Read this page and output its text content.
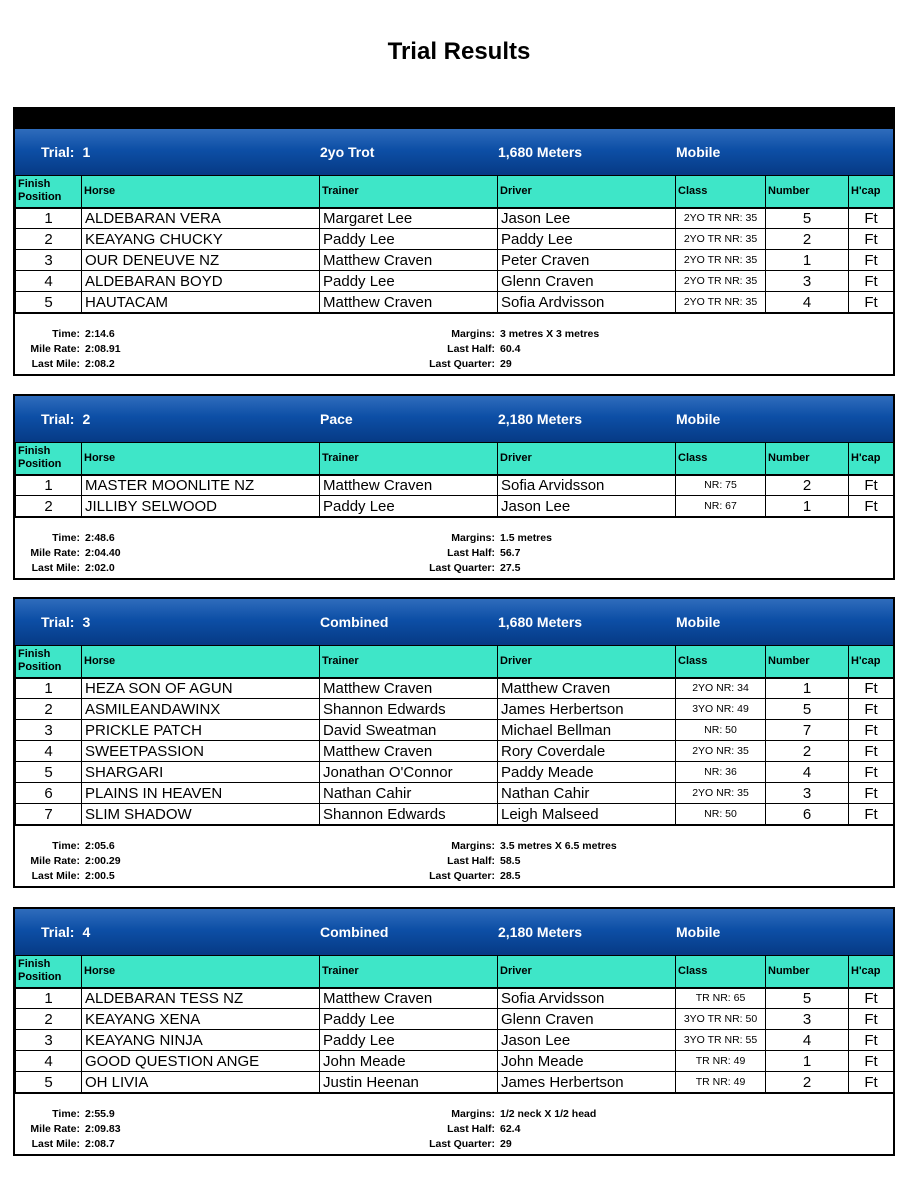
Trial Results
Trial: 1	2yo Trot	1,680 Meters	Mobile
Finish Position	Horse	Trainer	Driver	Class	Number	H'cap
1	ALDEBARAN VERA	Margaret Lee	Jason Lee	2YO TR NR: 35	5	Ft
2	KEAYANG CHUCKY	Paddy Lee	Paddy Lee	2YO TR NR: 35	2	Ft
3	OUR DENEUVE NZ	Matthew Craven	Peter Craven	2YO TR NR: 35	1	Ft
4	ALDEBARAN BOYD	Paddy Lee	Glenn Craven	2YO TR NR: 35	3	Ft
5	HAUTACAM	Matthew Craven	Sofia Ardvisson	2YO TR NR: 35	4	Ft
Time: 2:14.6
Mile Rate: 2:08.91
Last Mile: 2:08.2
Margins: 3 metres X 3 metres
Last Half: 60.4
Last Quarter: 29
Trial: 2	Pace	2,180 Meters	Mobile
Finish Position	Horse	Trainer	Driver	Class	Number	H'cap
1	MASTER MOONLITE NZ	Matthew Craven	Sofia Arvidsson	NR: 75	2	Ft
2	JILLIBY SELWOOD	Paddy Lee	Jason Lee	NR: 67	1	Ft
Time: 2:48.6
Mile Rate: 2:04.40
Last Mile: 2:02.0
Margins: 1.5 metres
Last Half: 56.7
Last Quarter: 27.5
Trial: 3	Combined	1,680 Meters	Mobile
Finish Position	Horse	Trainer	Driver	Class	Number	H'cap
1	HEZA SON OF AGUN	Matthew Craven	Matthew Craven	2YO NR: 34	1	Ft
2	ASMILEANDAWINX	Shannon Edwards	James Herbertson	3YO NR: 49	5	Ft
3	PRICKLE PATCH	David Sweatman	Michael Bellman	NR: 50	7	Ft
4	SWEETPASSION	Matthew Craven	Rory Coverdale	2YO NR: 35	2	Ft
5	SHARGARI	Jonathan O'Connor	Paddy Meade	NR: 36	4	Ft
6	PLAINS IN HEAVEN	Nathan Cahir	Nathan Cahir	2YO NR: 35	3	Ft
7	SLIM SHADOW	Shannon Edwards	Leigh Malseed	NR: 50	6	Ft
Time: 2:05.6
Mile Rate: 2:00.29
Last Mile: 2:00.5
Margins: 3.5 metres X 6.5 metres
Last Half: 58.5
Last Quarter: 28.5
Trial: 4	Combined	2,180 Meters	Mobile
Finish Position	Horse	Trainer	Driver	Class	Number	H'cap
1	ALDEBARAN TESS NZ	Matthew Craven	Sofia Arvidsson	TR NR: 65	5	Ft
2	KEAYANG XENA	Paddy Lee	Glenn Craven	3YO TR NR: 50	3	Ft
3	KEAYANG NINJA	Paddy Lee	Jason Lee	3YO TR NR: 55	4	Ft
4	GOOD QUESTION ANGE	John Meade	John Meade	TR NR: 49	1	Ft
5	OH LIVIA	Justin Heenan	James Herbertson	TR NR: 49	2	Ft
Time: 2:55.9
Mile Rate: 2:09.83
Last Mile: 2:08.7
Margins: 1/2 neck X 1/2 head
Last Half: 62.4
Last Quarter: 29
